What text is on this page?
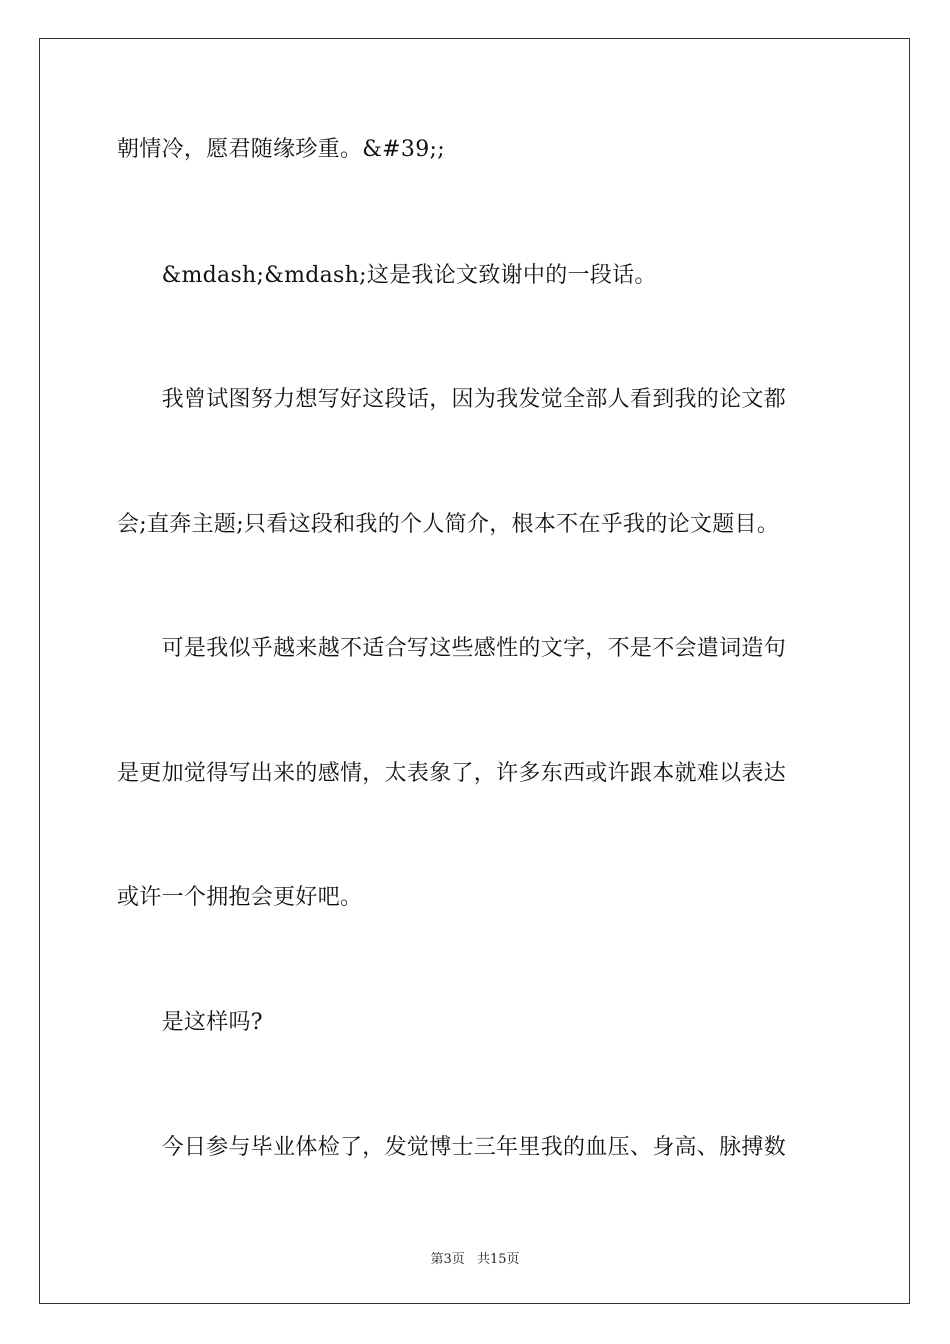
朝情冷，愿君随缘珍重。&#39;;
　　&mdash;&mdash;这是我论文致谢中的一段话。
　　我曾试图努力想写好这段话，因为我发觉全部人看到我的论文都
会;直奔主题;只看这段和我的个人简介，根本不在乎我的论文题目。
　　可是我似乎越来越不适合写这些感性的文字，不是不会遣词造句
是更加觉得写出来的感情，太表象了，许多东西或许跟本就难以表达
或许一个拥抱会更好吧。
　　是这样吗?
　　今日参与毕业体检了，发觉博士三年里我的血压、身高、脉搏数
第3页 共15页
